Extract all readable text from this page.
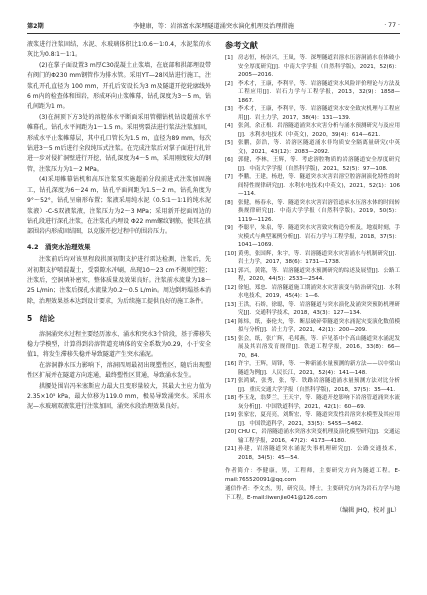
第2期	李健康，等：岩溶富水深埋隧道涌突水演化机理及治理措施	· 77 ·

液浆进行注浆固结，水泥、水玻璃体积比1∶0.6～1∶0.4，水泥浆的水灰比为0.8∶1～1∶1。

(2)在掌子面设置3 m厚C30混凝土止浆墙，在底部和拱部埋设带有阀门的Φ230 mm钢管作为排水管。采用YT—28风钻进行施工，注浆孔开孔直径为 100 mm，开孔后安设长为3 m及隧道开挖轮廓线外6 m内的检查体和围岩，形成环向止浆帷幕，钻孔深度为3～5 m，钻孔间距为1 m。

(3)在洞顶下方3处的溶腔体水平断面采用管棚钻机钻设超前水平帷幕孔，钻孔水平间距为1～1.5 m。采用劈裂法进行浆法注浆加固，形成水平止浆帷幕层，其中孔口管长为1.5 m，直径为89 mm，每次钻进3～5 m后进行全段纯压式注浆。在完成注浆后对掌子面进行扎针进一步对侵扩洞壁进行开挖，钻孔深度为4～5 m，采用刚度较大的钢管，注浆压力为1～2 MPa。

(4)采用帷幕钻机和高压注浆泵实施超前分段前进式注浆加固施工，钻孔深度为6～24 m，钻孔平面间距为1.5～2 m，钻孔角度为9°～52°，钻孔呈扇形布置；浆液采用纯水泥（0.5∶1～1∶1的纯水泥浆液）-C-S双液浆液，注浆压力为2～3 MPa；采用新开挖面周边的钻孔段进行深孔注浆，在注浆孔内埋设 Φ22 mm螺纹钢筋，使其在拱部围岩内形成固结圈，以克服开挖过程中的围岩压力。

4.2　涌突水治理效果

注浆前后均对该里程段拱顶初期支护进行雷达检测，注浆后，先对初期支护喷混凝土，受裂隙水冲刷，出现10～23 cm不规则空腔；注浆后，空洞填补密实，整体质量及效果良好。注浆前水流量为18～25 L/min；注浆后探孔水流量为0.2～0.5 L/min。周边倒坍塌基本消除，治理效果基本达到设计要求，为后续施工提供良好的施工条件。

5　结论

溶洞涌突水过程主要经历渗水、涌水和突水3个阶段，基于滞移失稳力学模型，计算得到岩溶管道充填体的安全系数为0.29，小于安全值1，将发生滞移失稳并导致隧道产生突水涌泥。

在溶洞静水压力影响下，溶洞四周最初出现塑性区，随后出现塑性区扩展并在隧道方向连通，最终塑性区贯通，导致涌水发生。

拱腰处围岩冯米塞斯应力最大且变形量较大，其最大主应力值为2.35×10⁵ kPa，最大位移为119.0 mm，极易导致涌突水。采用水泥—水玻璃双液浆进行注浆加固，涌突水段治理效果良好。

参考文献
[1] 房志恒，杨崇兴，王岚，等．深埋隧道岩溶水压溶洞涌水在体破小安全厚度研究[J]．中南大学学报（自然科学版)，2021，52(6)：2005—2016．
[2] 李术才，王康，李利平，等．岩溶隧道突水风险评价理论与方法及工程应用[J]．岩石力学与工程学报，2013，32(9)：1858—1867．
[3] 李术才，王康，李利平，等．岩溶隧道突水安全致灾机理与工程应用[J]．岩土力学，2017，38(4)：131—139．
[4] 张剑，余正根．岩溶隧道涌突水灾害分析与涌水预测研究与及应用[J]．水利水电技术（中英文)，2020，39(4)：614—621．
[5] 张鹏，彭浩，等．岩溶区隧道涌水非均质安全隔离量研究(中英文)，2021，43(12)：2083—2092．
[6] 郭健，李林，王辉，等．考虑溶腔物质的岩溶隧道安全厚度研究[J]．中南大学学报（自然科学版)，2021，52(5)：97—108．
[7] 李鹏，王建，杨进，等．隧道突水灾害岩溶空腔溶洞演化特性的时间特性规律研究[J]．水利水电技术(中英文)，2021，52(1)：106—114．
[8] 张健，杨春永，等．隧道突水灾害岩溶管道承水压溶水体的时间转换规律研究[J]．中南大学学报（自然科学版)，2019，50(5)：1119—1126．
[9] 李聪平，朱泉，等．隧道突水灾害致灾构造分析及，地震时刻，手灾模式与典型案例分析[J]．岩石力学与工程学报，2018，37(5)：1041—1069．
[10] 黄勇，张国辉，朱宇，等．岩溶隧道突水灾害涌水与机制研究[J]．岩土力学，2017，38(6)：1731—1738．
[11] 郭兴，黄铭，等．岩溶隧道突水预测研究的综述及展望[J]．公路工程，2020，44(5)：2533—2544．
[12] 徐旭，郑忠．岩溶隧道施工期涌突水灾害演变与防治研究[J]．水利水电技术，2019，45(4)：1—6．
[13] 王洪，石娇，徐聪，等．岩溶隧道与突水演化及涌突突预防机理研究[J]．交通科学技术，2018，43(3)：127—134．
[14] 陈炜，纸，秦伦夫，等．断层破碎带隧道突水涌泥灾变演化数值模拟与分析[J]．岩土力学，2021，42(1)：200—209．
[15] 张会，纸，张广辉，毛邦燕，等．庐见茶中个高山隧道突水涌泥发展及其岩溶发育规律[J]．铁道工程学报，2016，33(8)：66—70，84．
[16] 许宇，王辉，周锋，等．一种新涌水量预测的新方法——以中梁山隧道为例[J]．人民长江，2021，52(4)：141—148．
[17] 张鸿斌，张秀，张，等．铁路岩溶隧道涌水量预测方法对比分析[J]．重庆交通大学学报（自然科学版)，2018，37(5)：35—41．
[18] 李玉龙，翁梦兰，王天宇，等．隧道开挖影响下岩溶管道涌突水流灰分析[J]．中国铁道科学，2021，42(1)：60—69．
[19] 张家宏，夏亮亮，刘斯宏，等．隧道突发性岩溶突水模型及其应用[J]．中国铁道科学，2021，33(5)：5455—5462．
[20] CHU C，岩溶隧道涌水突溶水突变机理及演化模型研究[J]．交通运输工程学报，2016，47(2)：4173—4180．
[21] 孙建，岩溶隧道突水涌泥失事机理研究[J]．公路交通技术，2018，34(5)：45—54．
作者简介：李健康，男，工程师，主要研究方向为隧道工程。E-mail:765520091@qq.com
通信作者：李文杰，男，研究员，博士，主要研究方向为岩石力学与地下工程。E-mail:liwenjie041@126.com
（编辑 JHQ，校对 JJL）
